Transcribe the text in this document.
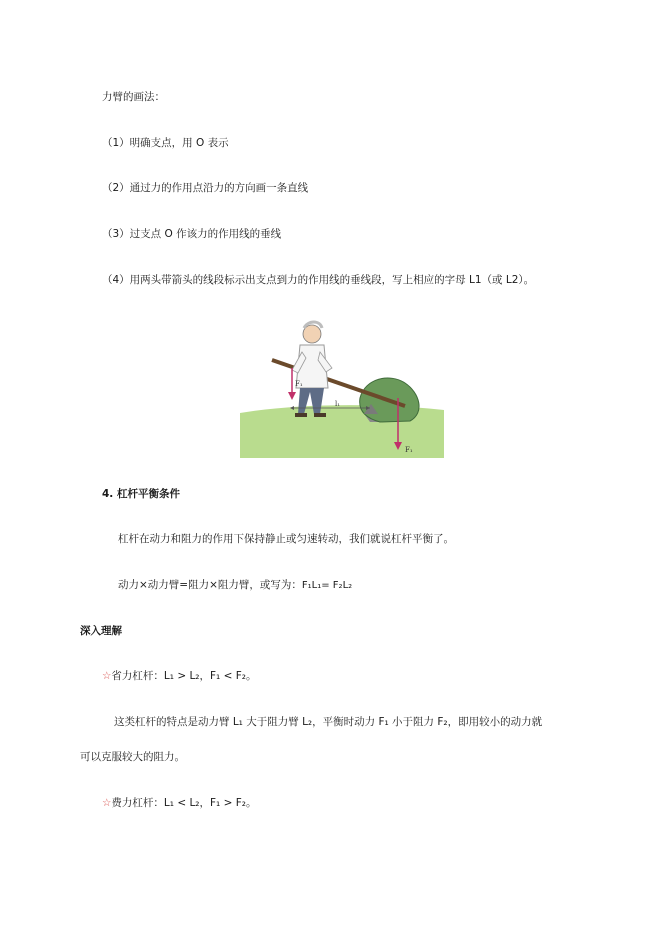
力臂的画法：
（1）明确支点，用 O 表示
（2）通过力的作用点沿力的方向画一条直线
（3）过支点 O 作该力的作用线的垂线
（4）用两头带箭头的线段标示出支点到力的作用线的垂线段，写上相应的字母 L1（或 L2）。
F₁
l₁
F₁
4. 杠杆平衡条件
杠杆在动力和阻力的作用下保持静止或匀速转动，我们就说杠杆平衡了。
动力×动力臂=阻力×阻力臂，或写为：F₁L₁= F₂L₂
深入理解
☆省力杠杆：L₁ > L₂，F₁ < F₂。
这类杠杆的特点是动力臂 L₁ 大于阻力臂 L₂，平衡时动力 F₁ 小于阻力 F₂，即用较小的动力就
可以克服较大的阻力。
☆费力杠杆：L₁ < L₂，F₁ > F₂。
